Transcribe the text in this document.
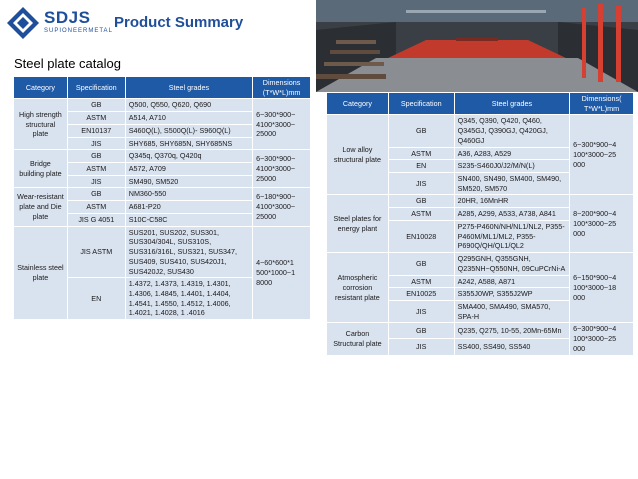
SDJS
SUPIONEERMETAL Product Summary
Steel plate catalog
Category	Specification	Steel grades	Dimensions (T*W*L)mm
High strength structural plate	GB	Q500, Q550, Q620, Q690	6~300*900~ 4100*3000~ 25000
	ASTM	A514, A710	
	EN10137	S460Q(L), S500Q(L)- S960Q(L)	
	JIS	SHY685, SHY685N, SHY685NS	
Bridge building plate	GB	Q345q, Q370q, Q420q	6~300*900~ 4100*3000~ 25000
	ASTM	A572, A709	
	JIS	SM490, SM520	
Wear-resistant plate and Die plate	GB	NM360-550	6~180*900~ 4100*3000~ 25000
	ASTM	A681-P20	
	JIS G 4051	S10C-C58C	
Stainless steel plate	JIS ASTM	SUS201, SUS202, SUS301, SUS304/304L, SUS310S, SUS316/316L, SUS321, SUS347, SUS409, SUS410, SUS420J1, SUS420J2, SUS430	4~60*600*1 500*1000~1 8000
	EN	1.4372, 1.4373, 1.4319, 1.4301, 1.4306, 1.4845, 1.4401, 1.4404, 1.4541, 1.4550, 1.4512, 1.4006, 1.4021, 1.4028, 1 .4016	
Category	Specification	Steel grades	Dimensions( T*W*L)mm
Low alloy structural plate	GB	Q345, Q390, Q420, Q460, Q345GJ, Q390GJ, Q420GJ, Q460GJ	6~300*900~4 100*3000~25 000
	ASTM	A36, A283, A529	
	EN	S235-S460J0/J2/M/N(L)	
	JIS	SN400, SN490, SM400, SM490, SM520, SM570	
Steel plates for energy plant	GB	20HR, 16MnHR	8~200*900~4 100*3000~25 000
	ASTM	A285, A299, A533, A738, A841	
	EN10028	P275-P460N/NH/NL1/NL2, P355-P460M/ML1/ML2, P355-P690Q/QH/QL1/QL2	
Atmospheric corrosion resistant plate	GB	Q295GNH, Q355GNH, Q235NH~Q550NH, 09CuPCrNi-A	6~150*900~4 100*3000~18 000
	ASTM	A242, A588, A871	
	EN10025	S355J0WP, S355J2WP	
	JIS	SMA400, SMA490, SMA570, SPA-H	
Carbon Structural plate	GB	Q235, Q275, 10-55, 20Mn-65Mn	6~300*900~4 100*3000~25 000
	JIS	SS400, SS490, SS540	
